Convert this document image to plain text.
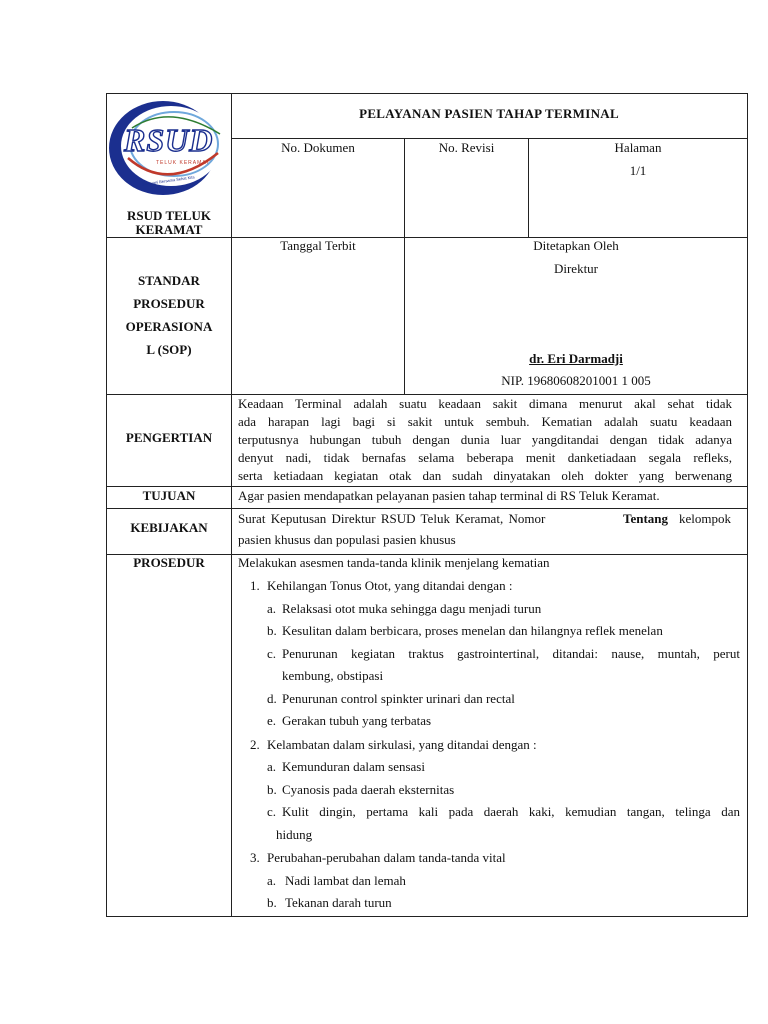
RSUD
TELUK KERAMAT
Melayani Bersama Sehat Kita
RSUD TELUK
KERAMAT
PELAYANAN PASIEN TAHAP TERMINAL
No. Dokumen	No. Revisi	Halaman
1/1
STANDAR
PROSEDUR
OPERASIONA
L (SOP)
Tanggal Terbit	Ditetapkan Oleh
Direktur
dr. Eri Darmadji
NIP. 19680608201001 1 005
PENGERTIAN
Keadaan Terminal adalah suatu keadaan sakit dimana menurut akal sehat tidak
ada harapan lagi bagi si sakit untuk sembuh. Kematian adalah suatu keadaan
terputusnya hubungan tubuh dengan dunia luar yangditandai dengan tidak adanya
denyut nadi, tidak bernafas selama beberapa menit danketiadaan segala refleks,
serta ketiadaan kegiatan otak dan sudah dinyatakan oleh dokter yang berwenang
TUJUAN	Agar pasien mendapatkan pelayanan pasien tahap terminal di RS Teluk Keramat.
KEBIJAKAN
Surat Keputusan Direktur RSUD Teluk Keramat, Nomor	Tentang kelompok
pasien khusus dan populasi pasien khusus
PROSEDUR	Melakukan asesmen tanda-tanda klinik menjelang kematian
1. Kehilangan Tonus Otot, yang ditandai dengan :
a. Relaksasi otot muka sehingga dagu menjadi turun
b. Kesulitan dalam berbicara, proses menelan dan hilangnya reflek menelan
c. Penurunan kegiatan traktus gastrointertinal, ditandai: nause, muntah, perut
kembung, obstipasi
d. Penurunan control spinkter urinari dan rectal
e. Gerakan tubuh yang terbatas
2. Kelambatan dalam sirkulasi, yang ditandai dengan :
a. Kemunduran dalam sensasi
b. Cyanosis pada daerah eksternitas
c. Kulit dingin, pertama kali pada daerah kaki, kemudian tangan, telinga dan
hidung
3. Perubahan-perubahan dalam tanda-tanda vital
a. Nadi lambat dan lemah
b. Tekanan darah turun
